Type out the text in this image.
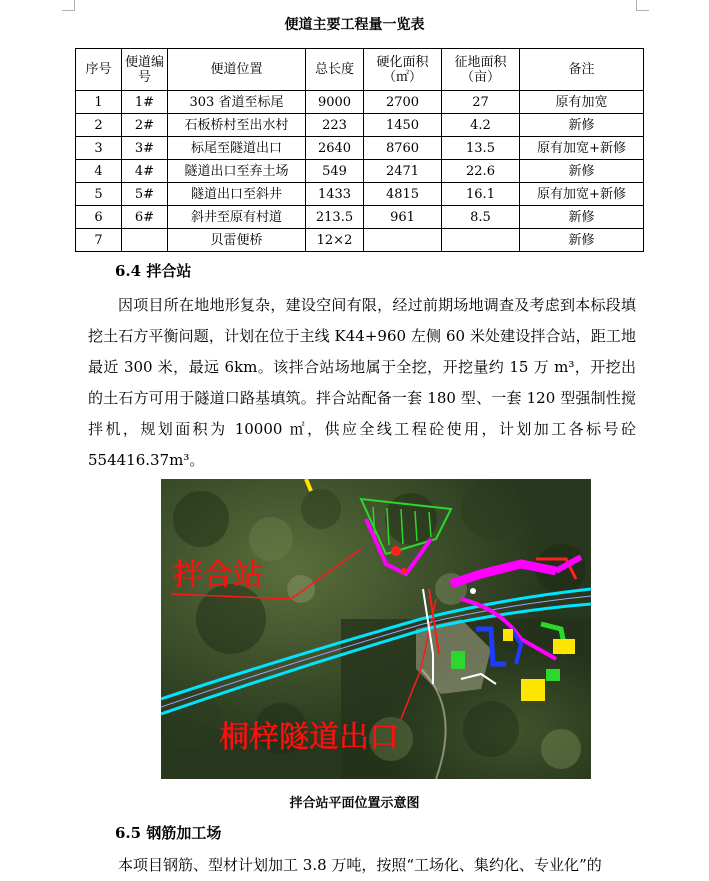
便道主要工程量一览表
序号	便道编号	便道位置	总长度	硬化面积（㎡）	征地面积（亩）	备注
1	1#	303 省道至标尾	9000	2700	27	原有加宽
2	2#	石板桥村至出水村	223	1450	4.2	新修
3	3#	标尾至隧道出口	2640	8760	13.5	原有加宽+新修
4	4#	隧道出口至弃土场	549	2471	22.6	新修
5	5#	隧道出口至斜井	1433	4815	16.1	原有加宽+新修
6	6#	斜井至原有村道	213.5	961	8.5	新修
7		贝雷便桥	12×2			新修
6.4 拌合站

因项目所在地地形复杂，建设空间有限，经过前期场地调查及考虑到本标段填挖土石方平衡问题，计划在位于主线 K44+960 左侧 60 米处建设拌合站，距工地最近 300 米，最远 6km。该拌合站场地属于全挖，开挖量约 15 万 m³，开挖出的土石方可用于隧道口路基填筑。拌合站配备一套 180 型、一套 120 型强制性搅拌机，规划面积为 10000 ㎡，供应全线工程砼使用，计划加工各标号砼 554416.37m³。

拌合站
桐梓隧道出口
拌合站平面位置示意图
6.5 钢筋加工场

本项目钢筋、型材计划加工 3.8 万吨，按照“工场化、集约化、专业化”的
